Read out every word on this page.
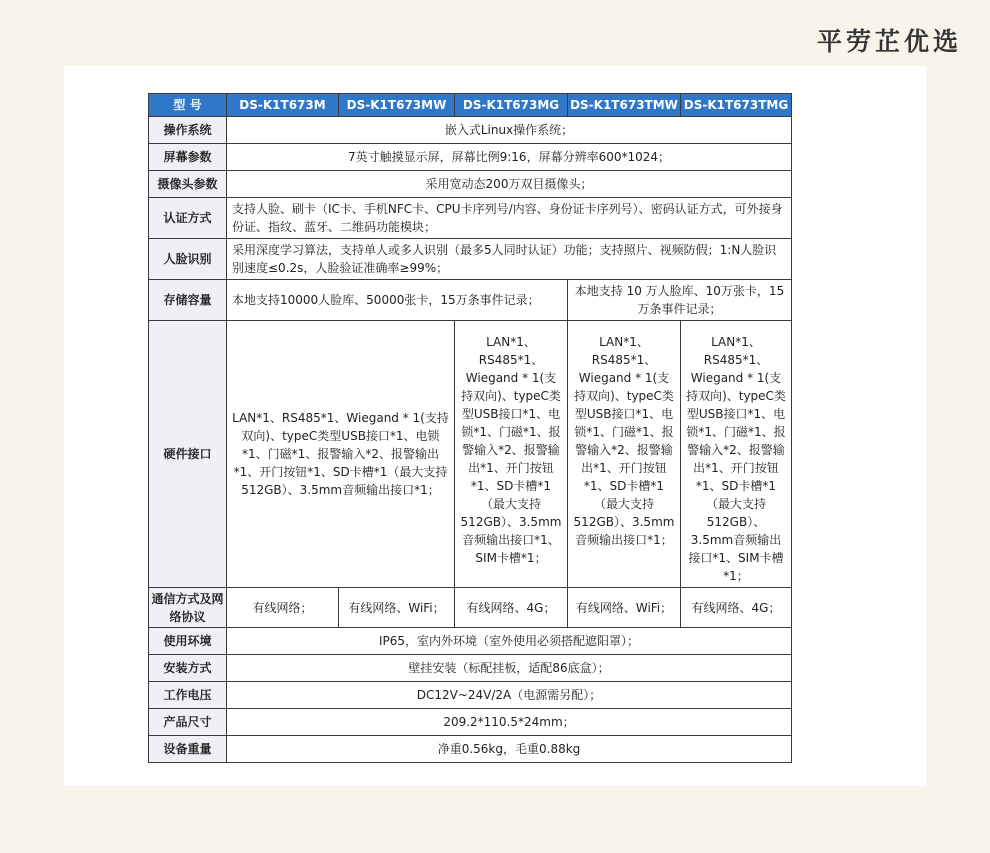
平劳芷优选
型 号	DS-K1T673M	DS-K1T673MW	DS-K1T673MG	DS-K1T673TMW	DS-K1T673TMG
操作系统	嵌入式Linux操作系统；				
屏幕参数	7英寸触摸显示屏，屏幕比例9:16，屏幕分辨率600*1024；				
摄像头参数	采用宽动态200万双目摄像头；				
认证方式	支持人脸、刷卡（IC卡、手机NFC卡、CPU卡序列号/内容、身份证卡序列号）、密码认证方式，可外接身份证、指纹、蓝牙、二维码功能模块；				
人脸识别	采用深度学习算法，支持单人或多人识别（最多5人同时认证）功能；支持照片、视频防假；1:N人脸识别速度≤0.2s，人脸验证准确率≥99%；				
存储容量	本地支持10000人脸库、50000张卡，15万条事件记录；			本地支持 10 万人脸库、10万张卡，15 万条事件记录；	
硬件接口	LAN*1、RS485*1、Wiegand * 1(支持双向)、typeC类型USB接口*1、电锁*1、门磁*1、报警输入*2、报警输出*1、开门按钮*1、SD卡槽*1（最大支持512GB）、3.5mm音频输出接口*1；		LAN*1、RS485*1、Wiegand * 1(支持双向)、typeC类型USB接口*1、电锁*1、门磁*1、报警输入*2、报警输出*1、开门按钮*1、SD卡槽*1（最大支持512GB）、3.5mm音频输出接口*1、SIM卡槽*1；	LAN*1、RS485*1、Wiegand * 1(支持双向)、typeC类型USB接口*1、电锁*1、门磁*1、报警输入*2、报警输出*1、开门按钮*1、SD卡槽*1（最大支持512GB）、3.5mm音频输出接口*1；	LAN*1、RS485*1、Wiegand * 1(支持双向)、typeC类型USB接口*1、电锁*1、门磁*1、报警输入*2、报警输出*1、开门按钮*1、SD卡槽*1（最大支持512GB）、3.5mm音频输出接口*1、SIM卡槽*1；
通信方式及网络协议	有线网络；	有线网络、WiFi；	有线网络、4G；	有线网络、WiFi；	有线网络、4G；
使用环境	IP65，室内外环境（室外使用必须搭配遮阳罩）；				
安装方式	壁挂安装（标配挂板，适配86底盒）；				
工作电压	DC12V~24V/2A（电源需另配）；				
产品尺寸	209.2*110.5*24mm；				
设备重量	净重0.56kg，毛重0.88kg				
